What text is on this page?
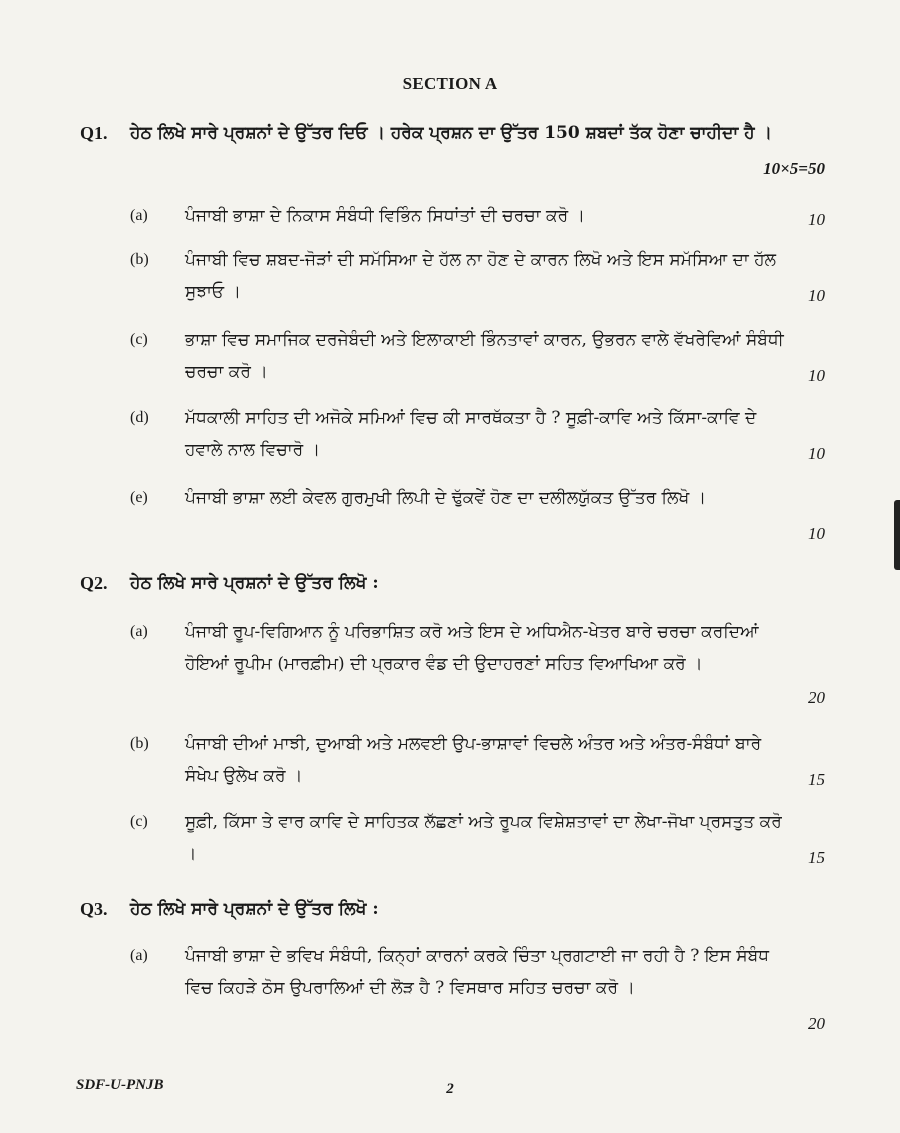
SECTION A
Q1. ਹੇਠ ਲਿਖੇ ਸਾਰੇ ਪ੍ਰਸ਼ਨਾਂ ਦੇ ਉੱਤਰ ਦਿਓ । ਹਰੇਕ ਪ੍ਰਸ਼ਨ ਦਾ ਉੱਤਰ 150 ਸ਼ਬਦਾਂ ਤੱਕ ਹੋਣਾ ਚਾਹੀਦਾ ਹੈ ।
10×5=50
(a) ਪੰਜਾਬੀ ਭਾਸ਼ਾ ਦੇ ਨਿਕਾਸ ਸੰਬੰਧੀ ਵਿਭਿੰਨ ਸਿਧਾਂਤਾਂ ਦੀ ਚਰਚਾ ਕਰੋ ।	10
(b) ਪੰਜਾਬੀ ਵਿਚ ਸ਼ਬਦ-ਜੋੜਾਂ ਦੀ ਸਮੱਸਿਆ ਦੇ ਹੱਲ ਨਾ ਹੋਣ ਦੇ ਕਾਰਨ ਲਿਖੋ ਅਤੇ ਇਸ ਸਮੱਸਿਆ ਦਾ ਹੱਲ ਸੁਝਾਓ ।	10
(c) ਭਾਸ਼ਾ ਵਿਚ ਸਮਾਜਿਕ ਦਰਜੇਬੰਦੀ ਅਤੇ ਇਲਾਕਾਈ ਭਿੰਨਤਾਵਾਂ ਕਾਰਨ, ਉਭਰਨ ਵਾਲੇ ਵੱਖਰੇਵਿਆਂ ਸੰਬੰਧੀ ਚਰਚਾ ਕਰੋ ।	10
(d) ਮੱਧਕਾਲੀ ਸਾਹਿਤ ਦੀ ਅਜੋਕੇ ਸਮਿਆਂ ਵਿਚ ਕੀ ਸਾਰਥੱਕਤਾ ਹੈ ? ਸੂਫ਼ੀ-ਕਾਵਿ ਅਤੇ ਕਿੱਸਾ-ਕਾਵਿ ਦੇ ਹਵਾਲੇ ਨਾਲ ਵਿਚਾਰੋ ।	10
(e) ਪੰਜਾਬੀ ਭਾਸ਼ਾ ਲਈ ਕੇਵਲ ਗੁਰਮੁਖੀ ਲਿਪੀ ਦੇ ਢੁੱਕਵੇਂ ਹੋਣ ਦਾ ਦਲੀਲਯੁੱਕਤ ਉੱਤਰ ਲਿਖੋ ।
10
Q2. ਹੇਠ ਲਿਖੇ ਸਾਰੇ ਪ੍ਰਸ਼ਨਾਂ ਦੇ ਉੱਤਰ ਲਿਖੋ :
(a) ਪੰਜਾਬੀ ਰੂਪ-ਵਿਗਿਆਨ ਨੂੰ ਪਰਿਭਾਸ਼ਿਤ ਕਰੋ ਅਤੇ ਇਸ ਦੇ ਅਧਿਐਨ-ਖੇਤਰ ਬਾਰੇ ਚਰਚਾ ਕਰਦਿਆਂ ਹੋਇਆਂ ਰੂਪੀਮ (ਮਾਰਫ਼ੀਮ) ਦੀ ਪ੍ਰਕਾਰ ਵੰਡ ਦੀ ਉਦਾਹਰਣਾਂ ਸਹਿਤ ਵਿਆਖਿਆ ਕਰੋ ।
20
(b) ਪੰਜਾਬੀ ਦੀਆਂ ਮਾਝੀ, ਦੁਆਬੀ ਅਤੇ ਮਲਵਈ ਉਪ-ਭਾਸ਼ਾਵਾਂ ਵਿਚਲੇ ਅੰਤਰ ਅਤੇ ਅੰਤਰ-ਸੰਬੰਧਾਂ ਬਾਰੇ ਸੰਖੇਪ ਉਲੇਖ ਕਰੋ ।	15
(c) ਸੂਫ਼ੀ, ਕਿੱਸਾ ਤੇ ਵਾਰ ਕਾਵਿ ਦੇ ਸਾਹਿਤਕ ਲੱਛਣਾਂ ਅਤੇ ਰੂਪਕ ਵਿਸ਼ੇਸ਼ਤਾਵਾਂ ਦਾ ਲੇਖਾ-ਜੋਖਾ ਪ੍ਰਸਤੁਤ ਕਰੋ ।	15
Q3. ਹੇਠ ਲਿਖੇ ਸਾਰੇ ਪ੍ਰਸ਼ਨਾਂ ਦੇ ਉੱਤਰ ਲਿਖੋ :
(a) ਪੰਜਾਬੀ ਭਾਸ਼ਾ ਦੇ ਭਵਿਖ ਸੰਬੰਧੀ, ਕਿਨ੍ਹਾਂ ਕਾਰਨਾਂ ਕਰਕੇ ਚਿੰਤਾ ਪ੍ਰਗਟਾਈ ਜਾ ਰਹੀ ਹੈ ? ਇਸ ਸੰਬੰਧ ਵਿਚ ਕਿਹੜੇ ਠੋਸ ਉਪਰਾਲਿਆਂ ਦੀ ਲੋੜ ਹੈ ? ਵਿਸਥਾਰ ਸਹਿਤ ਚਰਚਾ ਕਰੋ ।
20
SDF-U-PNJB	2
